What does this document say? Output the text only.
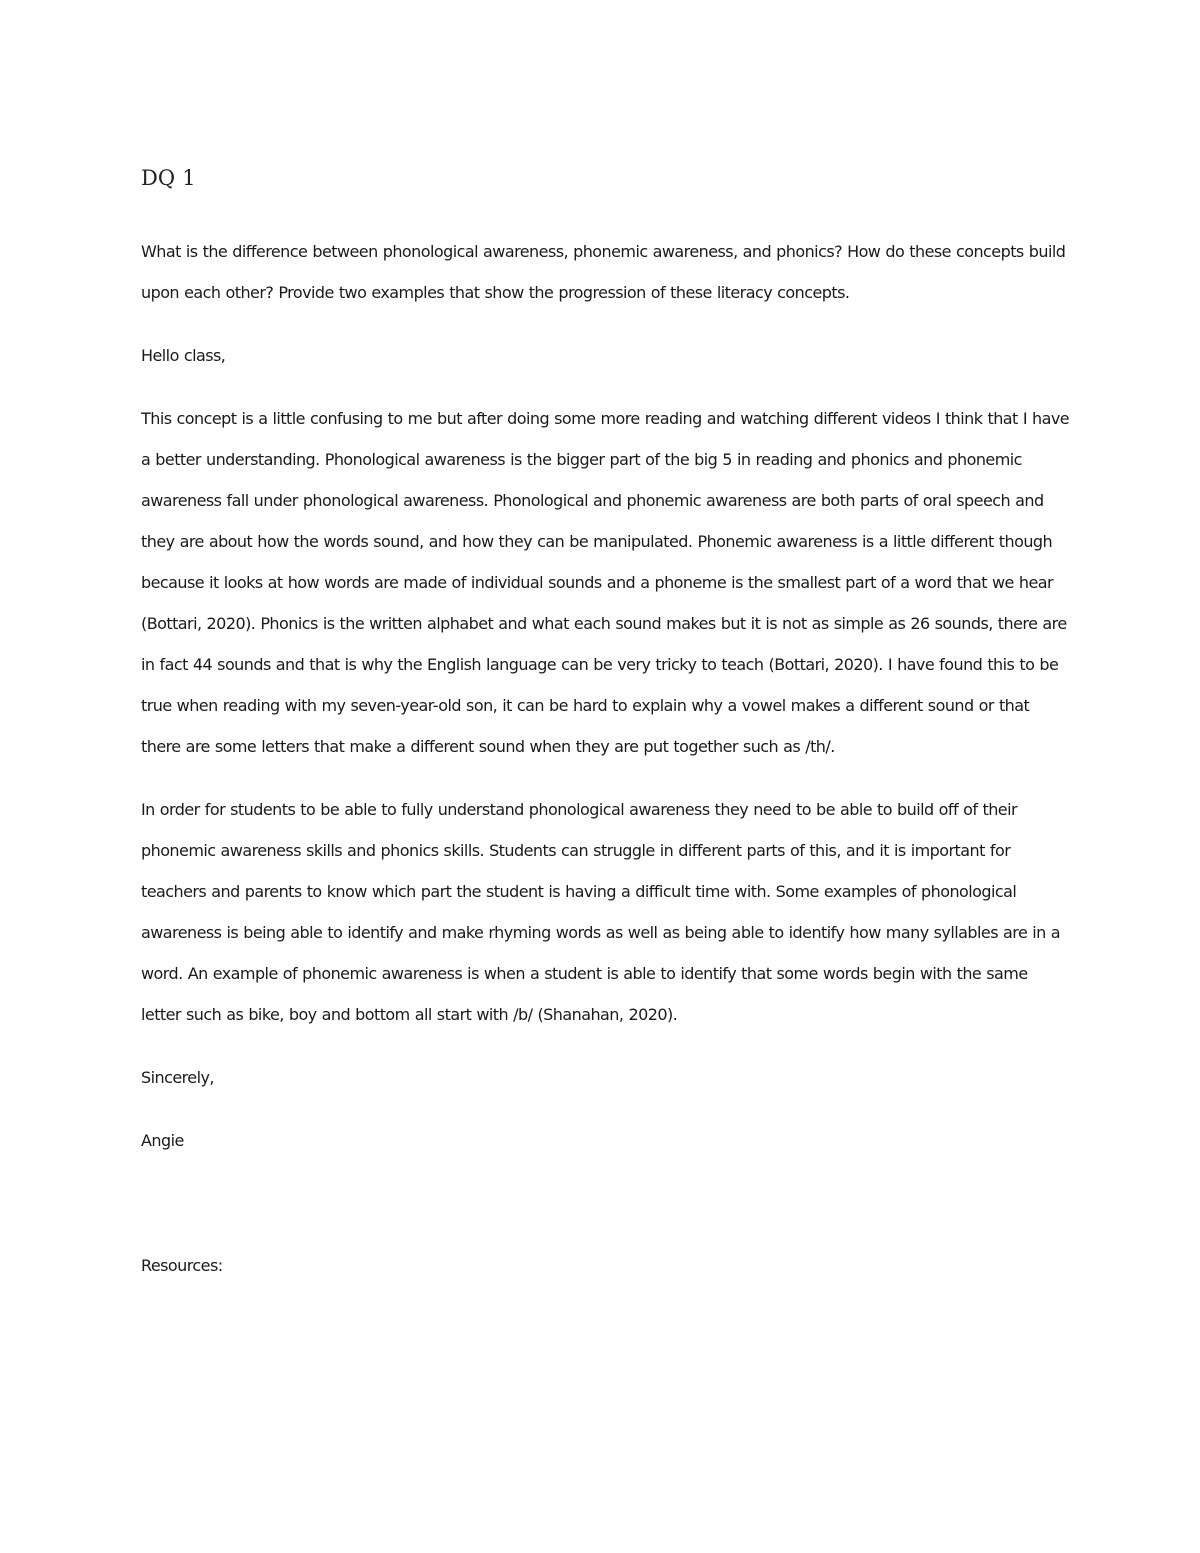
DQ 1

What is the difference between phonological awareness, phonemic awareness, and phonics? How do these concepts build upon each other? Provide two examples that show the progression of these literacy concepts.

Hello class,

This concept is a little confusing to me but after doing some more reading and watching different videos I think that I have a better understanding. Phonological awareness is the bigger part of the big 5 in reading and phonics and phonemic awareness fall under phonological awareness. Phonological and phonemic awareness are both parts of oral speech and they are about how the words sound, and how they can be manipulated. Phonemic awareness is a little different though because it looks at how words are made of individual sounds and a phoneme is the smallest part of a word that we hear (Bottari, 2020). Phonics is the written alphabet and what each sound makes but it is not as simple as 26 sounds, there are in fact 44 sounds and that is why the English language can be very tricky to teach (Bottari, 2020). I have found this to be true when reading with my seven-year-old son, it can be hard to explain why a vowel makes a different sound or that there are some letters that make a different sound when they are put together such as /th/.

In order for students to be able to fully understand phonological awareness they need to be able to build off of their phonemic awareness skills and phonics skills. Students can struggle in different parts of this, and it is important for teachers and parents to know which part the student is having a difficult time with. Some examples of phonological awareness is being able to identify and make rhyming words as well as being able to identify how many syllables are in a word. An example of phonemic awareness is when a student is able to identify that some words begin with the same letter such as bike, boy and bottom all start with /b/ (Shanahan, 2020).

Sincerely,

Angie

Resources:
